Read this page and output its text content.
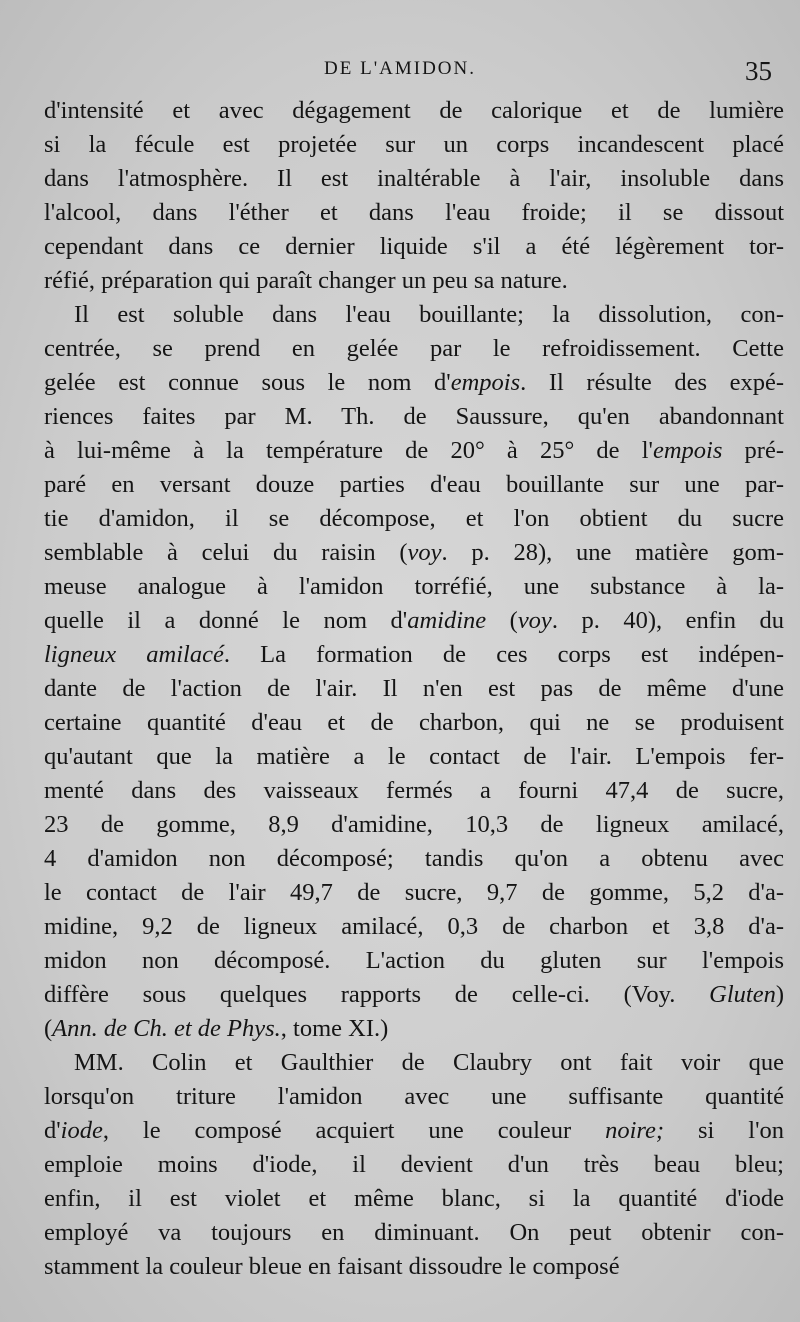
DE L'AMIDON.	35
d'intensité et avec dégagement de calorique et de lumière
si la fécule est projetée sur un corps incandescent placé
dans l'atmosphère. Il est inaltérable à l'air, insoluble dans
l'alcool, dans l'éther et dans l'eau froide; il se dissout
cependant dans ce dernier liquide s'il a été légèrement tor-
réfié, préparation qui paraît changer un peu sa nature.
Il est soluble dans l'eau bouillante; la dissolution, con-
centrée, se prend en gelée par le refroidissement. Cette
gelée est connue sous le nom d'empois. Il résulte des expé-
riences faites par M. Th. de Saussure, qu'en abandonnant
à lui-même à la température de 20° à 25° de l'empois pré-
paré en versant douze parties d'eau bouillante sur une par-
tie d'amidon, il se décompose, et l'on obtient du sucre
semblable à celui du raisin (voy. p. 28), une matière gom-
meuse analogue à l'amidon torréfié, une substance à la-
quelle il a donné le nom d'amidine (voy. p. 40), enfin du
ligneux amilacé. La formation de ces corps est indépen-
dante de l'action de l'air. Il n'en est pas de même d'une
certaine quantité d'eau et de charbon, qui ne se produisent
qu'autant que la matière a le contact de l'air. L'empois fer-
menté dans des vaisseaux fermés a fourni 47,4 de sucre,
23 de gomme, 8,9 d'amidine, 10,3 de ligneux amilacé,
4 d'amidon non décomposé; tandis qu'on a obtenu avec
le contact de l'air 49,7 de sucre, 9,7 de gomme, 5,2 d'a-
midine, 9,2 de ligneux amilacé, 0,3 de charbon et 3,8 d'a-
midon non décomposé. L'action du gluten sur l'empois
diffère sous quelques rapports de celle-ci. (Voy. Gluten)
(Ann. de Ch. et de Phys., tome XI.)
MM. Colin et Gaulthier de Claubry ont fait voir que
lorsqu'on triture l'amidon avec une suffisante quantité
d'iode, le composé acquiert une couleur noire; si l'on
emploie moins d'iode, il devient d'un très beau bleu;
enfin, il est violet et même blanc, si la quantité d'iode
employé va toujours en diminuant. On peut obtenir con-
stamment la couleur bleue en faisant dissoudre le composé
